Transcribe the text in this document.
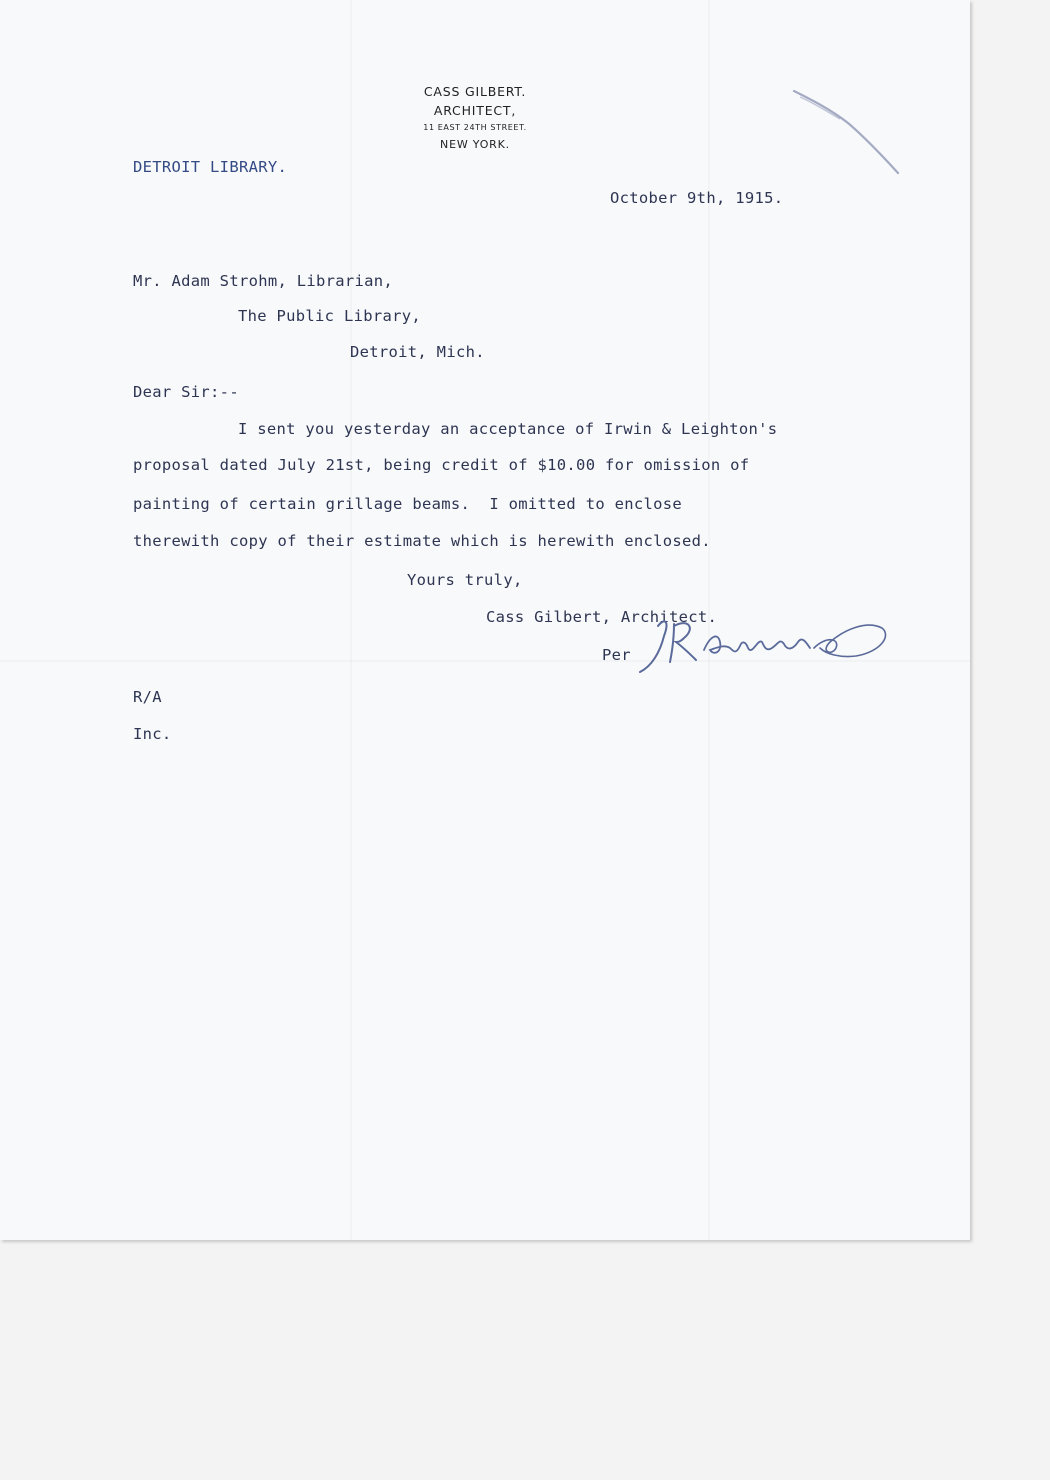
CASS GILBERT.
ARCHITECT,
11 EAST 24TH STREET.
NEW YORK.
DETROIT LIBRARY.
October 9th, 1915.
Mr. Adam Strohm, Librarian,
The Public Library,
Detroit, Mich.
Dear Sir:--
I sent you yesterday an acceptance of Irwin & Leighton's
proposal dated July 21st, being credit of $10.00 for omission of
painting of certain grillage beams.  I omitted to enclose
therewith copy of their estimate which is herewith enclosed.
Yours truly,
Cass Gilbert, Architect.
Per
R/A
Inc.
